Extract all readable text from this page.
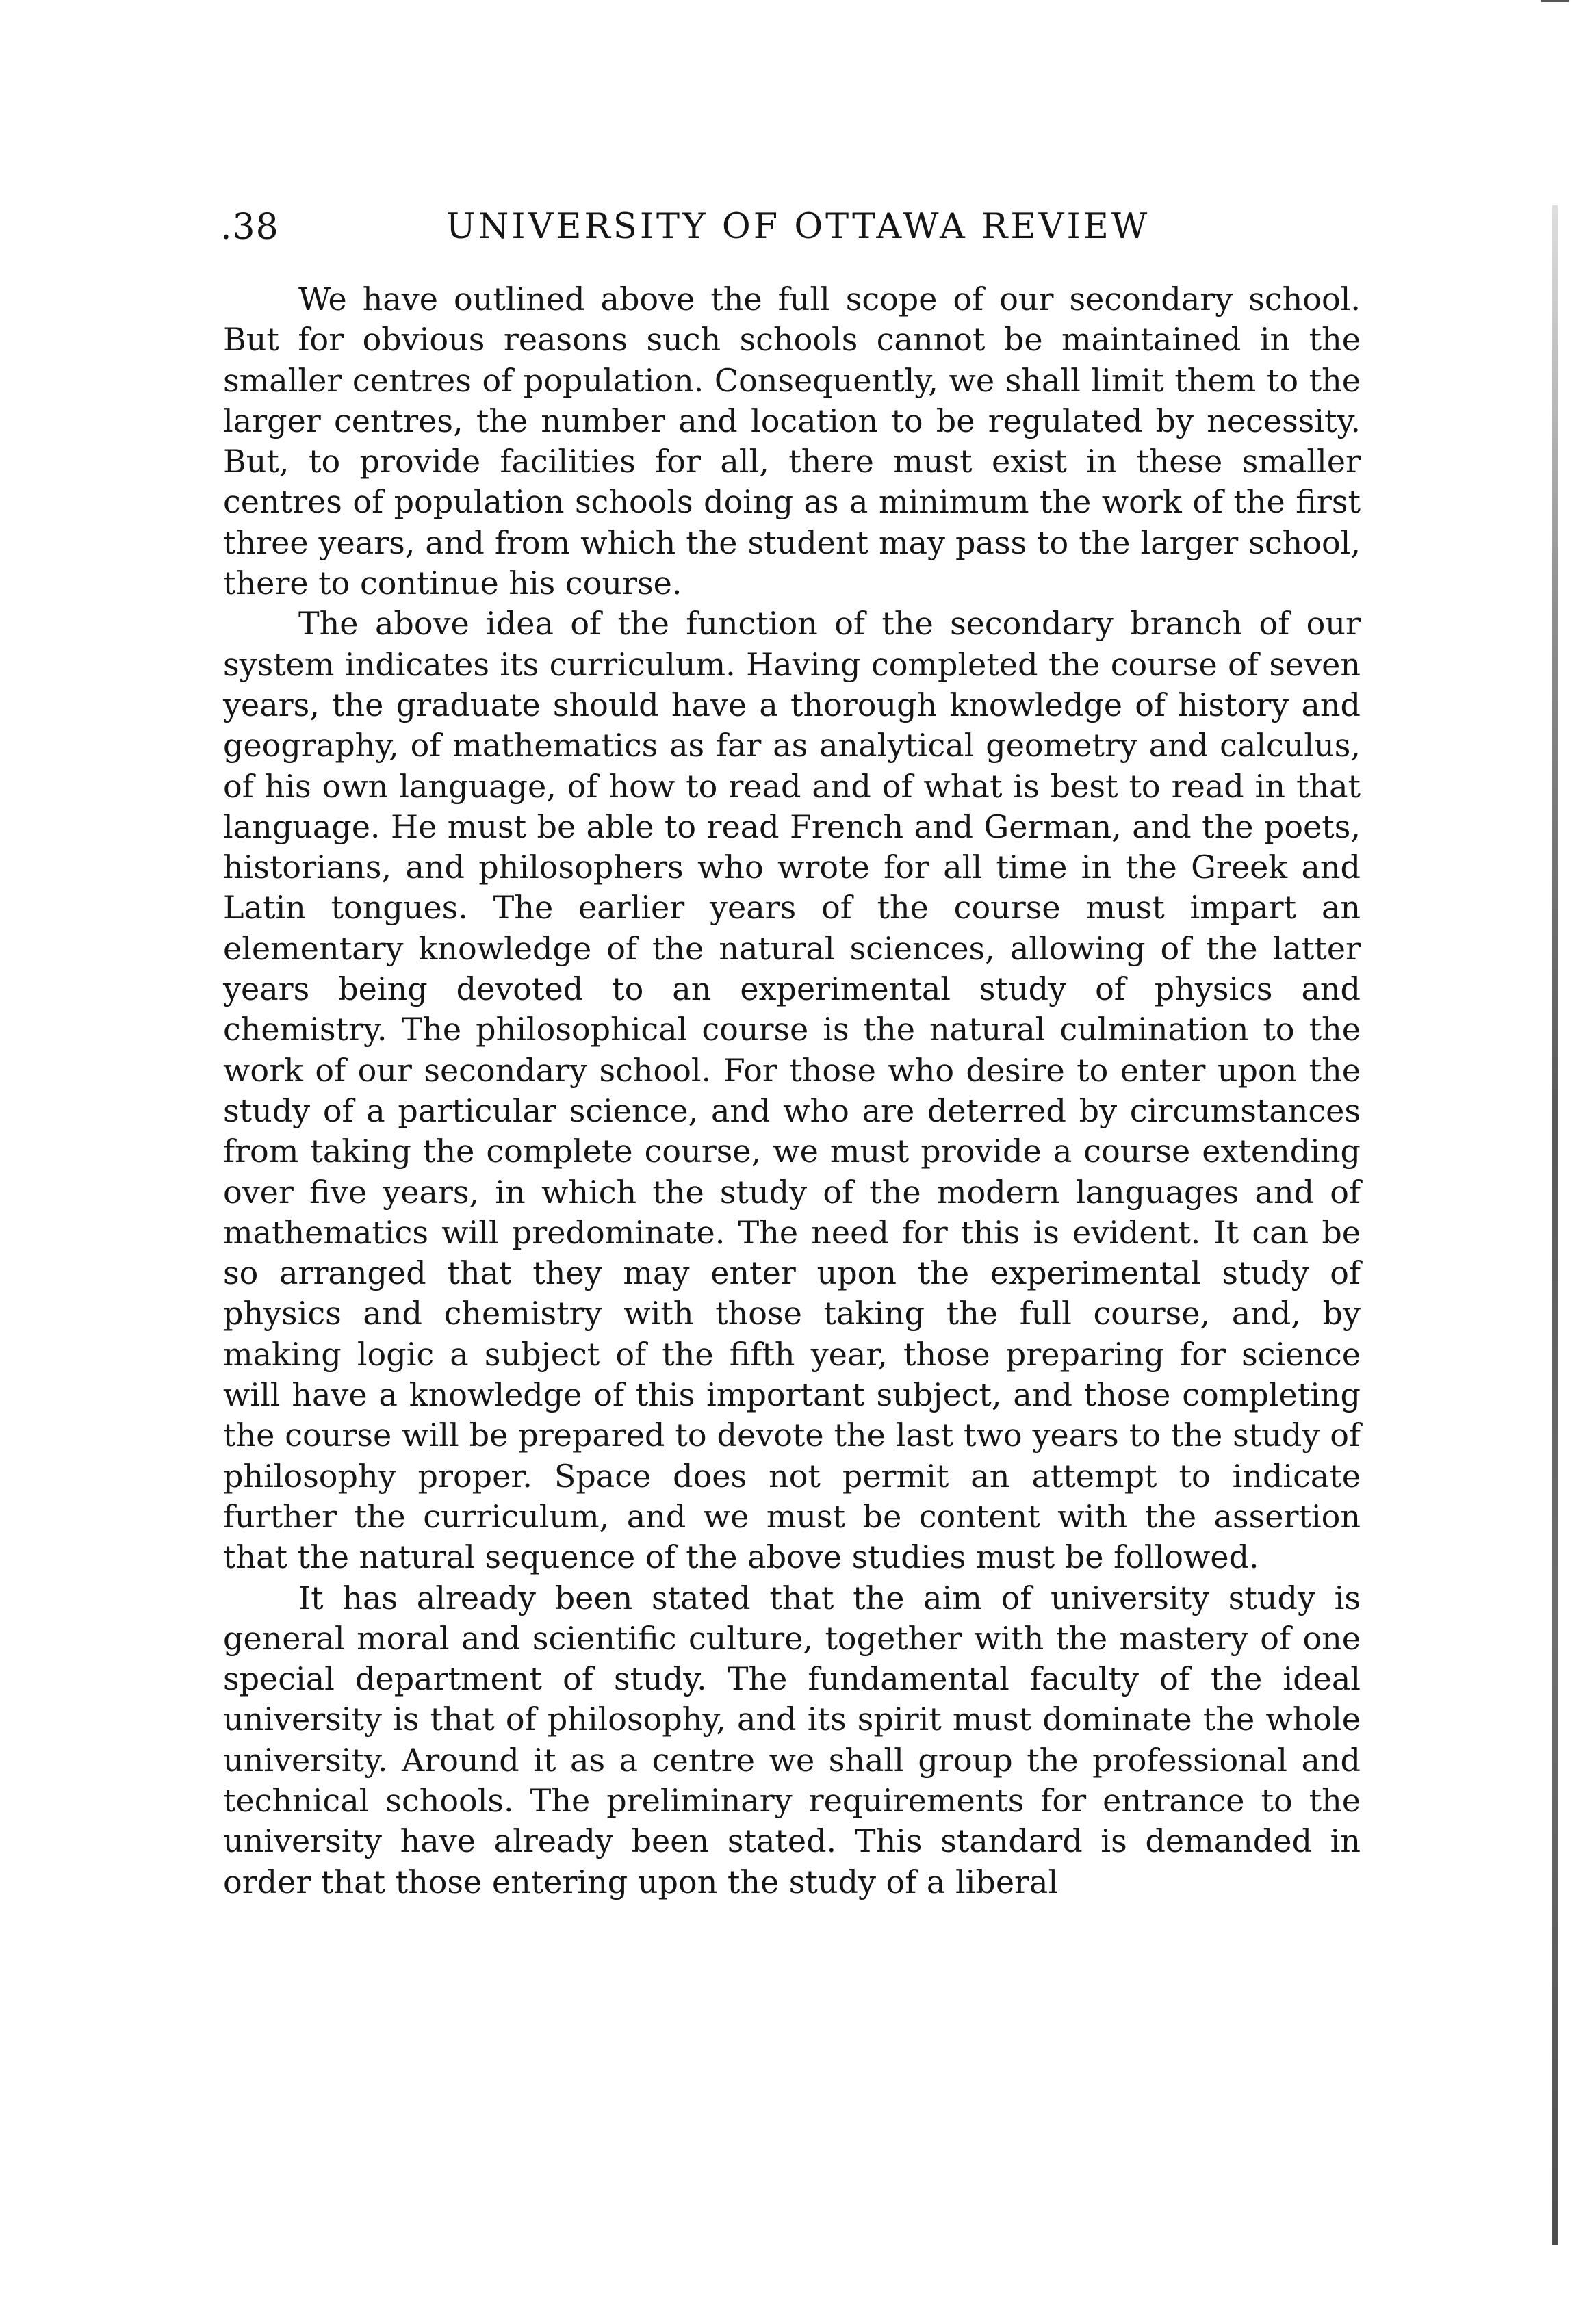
.38	UNIVERSITY OF OTTAWA REVIEW

We have outlined above the full scope of our secondary school. But for obvious reasons such schools cannot be maintained in the smaller centres of population. Consequently, we shall limit them to the larger centres, the number and location to be regulated by necessity. But, to provide facilities for all, there must exist in these smaller centres of population schools doing as a minimum the work of the first three years, and from which the student may pass to the larger school, there to continue his course.

The above idea of the function of the secondary branch of our system indicates its curriculum. Having completed the course of seven years, the graduate should have a thorough knowledge of history and geography, of mathematics as far as analytical geometry and calculus, of his own language, of how to read and of what is best to read in that language. He must be able to read French and German, and the poets, historians, and philosophers who wrote for all time in the Greek and Latin tongues. The earlier years of the course must impart an elementary knowledge of the natural sciences, allowing of the latter years being devoted to an experimental study of physics and chemistry. The philosophical course is the natural culmination to the work of our secondary school. For those who desire to enter upon the study of a particular science, and who are deterred by circumstances from taking the complete course, we must provide a course extending over five years, in which the study of the modern languages and of mathematics will predominate. The need for this is evident. It can be so arranged that they may enter upon the experimental study of physics and chemistry with those taking the full course, and, by making logic a subject of the fifth year, those preparing for science will have a knowledge of this important subject, and those completing the course will be prepared to devote the last two years to the study of philosophy proper. Space does not permit an attempt to indicate further the curriculum, and we must be content with the assertion that the natural sequence of the above studies must be followed.

It has already been stated that the aim of university study is general moral and scientific culture, together with the mastery of one special department of study. The fundamental faculty of the ideal university is that of philosophy, and its spirit must dominate the whole university. Around it as a centre we shall group the professional and technical schools. The preliminary requirements for entrance to the university have already been stated. This standard is demanded in order that those entering upon the study of a liberal
